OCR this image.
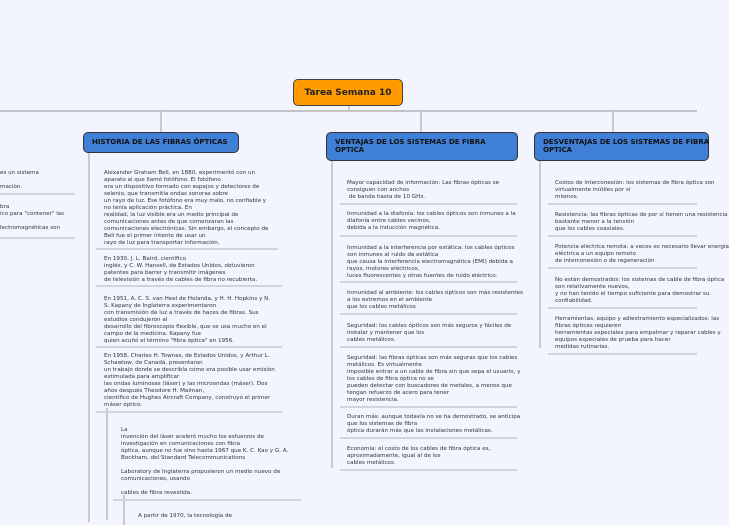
Tarea Semana 10
es un sistema

mación.
bra
ico para "contener" las

lectromagnéticas son
HISTORIA DE LAS FIBRAS ÓPTICAS
Alexander Graham Bell, en 1880, experimentó con un
aparato al que llamó fotófono. El fotófono
era un dispositivo formado con espejos y detectores de
selenio, que transmitía ondas sonoras sobre
un rayo de luz. Ese fotófono era muy malo, no confiable y
no tenía aplicación práctica. En
realidad, la luz visible era un medio principal de
comunicaciones antes de que comenzaran las
comunicaciones electrónicas. Sin embargo, el concepto de
Bell fue el primer intento de usar un
rayo de luz para transportar información.
En 1930, J. L. Baird, científico
inglés, y C. W. Hansell, de Estados Unidos, obtuvieron
patentes para barrer y transmitir imágenes
de televisión a través de cables de fibra no recubierta.
En 1951, A. C. S. van Heel de Holanda, y H. H. Hopkins y N.
S. Kapany de Inglaterra experimentaron
con transmisión de luz a través de haces de fibras. Sus
estudios condujeron al
desarrollo del fibroscopio flexible, que se usa mucho en el
campo de la medicina. Kapany fue
quien acuñó el término "fibra óptica" en 1956.
En 1958, Charles H. Townes, de Estados Unidos, y Arthur L.
Schawlow, de Canadá, presentaron
un trabajo donde se describía cómo era posible usar emisión
estimulada para amplificar
las ondas luminosas (láser) y las microondas (máser). Dos
años después Theodore H. Maiman,
científico de Hughes Aircraft Company, construyó el primer
máser óptico.
La
invención del láser aceleró mucho los esfuerzos de
investigación en comunicaciones con fibra
óptica, aunque no fue sino hasta 1967 que K. C. Kao y G. A.
Bockham, del Standard Telecommunications

Laboratory de Inglaterra propusieron un medio nuevo de
comunicaciones, usando

cables de fibra revestida.
A partir de 1970, la tecnología de
VENTAJAS DE LOS SISTEMAS DE FIBRA
ÓPTICA
Mayor capacidad de información: Las fibras ópticas se
consiguen con anchos
de banda hasta de 10 GHz.
Inmunidad a la diafonía: los cables ópticos son inmunes a la
diafonía entre cables vecinos,
debida a la inducción magnética.
Inmunidad a la interferencia por estática: los cables ópticos
son inmunes al ruido de estática
que causa la interferencia electromagnética (EMI) debida a
rayos, motores eléctricos,
luces fluorescentes y otras fuentes de ruido eléctrico.
Inmunidad al ambiente: los cables ópticos son más resistentes
a los extremos en el ambiente
que los cables metálicos
Seguridad: los cables ópticos son más seguros y fáciles de
instalar y mantener que los
cables metálicos.
Seguridad: las fibras ópticas son más seguras que los cables
metálicos. Es virtualmente
imposible entrar a un cable de fibra sin que sepa el usuario, y
los cables de fibra óptica no se
pueden detectar con buscadores de metales, a menos que
tengan refuerzo de acero para tener
mayor resistencia.
Duran más: aunque todavía no se ha demostrado, se anticipa
que los sistemas de fibra
óptica durarán más que las instalaciones metálicas.
Economía: el costo de los cables de fibra óptica es,
aproximadamente, igual al de los
cables metálicos.
DESVENTAJAS DE LOS SISTEMAS DE FIBRA
ÓPTICA
Costos de interconexión: los sistemas de fibra óptica son
virtualmente inútiles por sí
mismos.
Resistencia: las fibras ópticas de por sí tienen una resistencia
bastante menor a la tensión
que los cables coaxiales.
Potencia eléctrica remota: a veces es necesario llevar energía
eléctrica a un equipo remoto
de interconexión o de regeneración
No están demostrados: los sistemas de cable de fibra óptica
son relativamente nuevos,
y no han tenido el tiempo suficiente para demostrar su
confiabilidad.
Herramientas, equipo y adiestramiento especializados: las
fibras ópticas requieren
herramientas especiales para empalmar y reparar cables y
equipos especiales de prueba para hacer
medidas rutinarias.
